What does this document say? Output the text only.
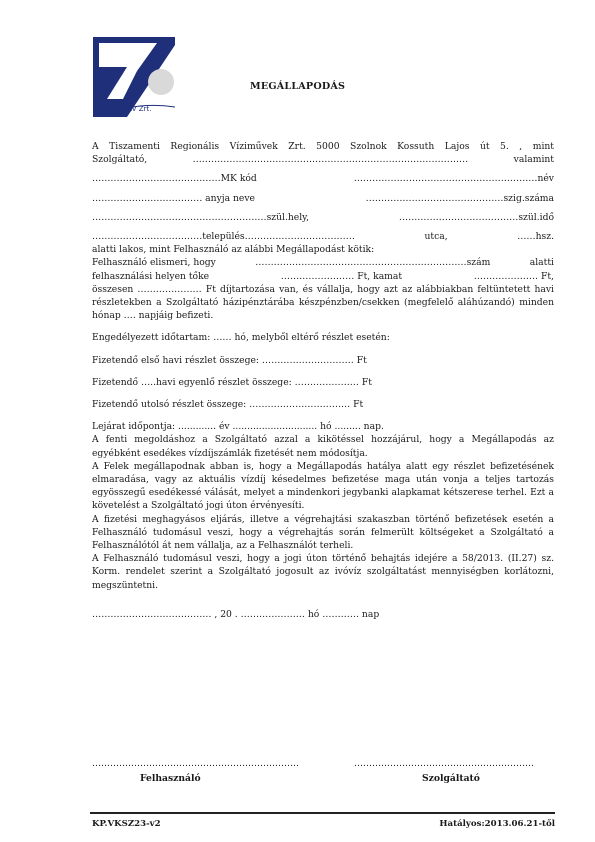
TRV Zrt.
MEGÁLLAPODÁS
A Tiszamenti Regionális Víziművek Zrt. 5000 Szolnok Kossuth Lajos út 5. , mint
Szolgáltató, ……………………………………………………………………………… valamint
……………………………………MK kód	……………………………………………………név
……………………………… anyja neve	………………………………………szig.száma
…………………………………………………szül.hely,	…………………………………szül.idő
………………………………település……………………………… utca, ……hsz.
alatti lakos, mint Felhasználó az alábbi Megállapodást kötik:
Felhasználó elismeri, hogy	……………………………………………………………szám	alatti
felhasználási helyen tőke	…………………… Ft, kamat	………………… Ft,
összesen ………………… Ft díjtartozása van, és vállalja, hogy azt az alábbiakban feltüntetett havi részletekben a Szolgáltató házipénztárába készpénzben/csekken (megfelelő aláhúzandó) minden hónap …. napjáig befizeti.
Engedélyezett időtartam: …… hó, melyből eltérő részlet esetén:
Fizetendő első havi részlet összege: ………………………… Ft
Fizetendő …..havi egyenlő részlet összege: ………………… Ft
Fizetendő utolsó részlet összege: …………………………… Ft
Lejárat időpontja: ............. év ............................. hó ......... nap.
A fenti megoldáshoz a Szolgáltató azzal a kikötéssel hozzájárul, hogy a Megállapodás az egyébként esedékes vízdíjszámlák fizetését nem módosítja.
A Felek megállapodnak abban is, hogy a Megállapodás hatálya alatt egy részlet befizetésének elmaradása, vagy az aktuális vízdíj késedelmes befizetése maga után vonja a teljes tartozás egyösszegű esedékessé válását, melyet a mindenkori jegybanki alapkamat kétszerese terhel. Ezt a követelést a Szolgáltató jogi úton érvényesíti.
A fizetési meghagyásos eljárás, illetve a végrehajtási szakaszban történő befizetések esetén a Felhasználó tudomásul veszi, hogy a végrehajtás során felmerült költségeket a Szolgáltató a Felhasználótól át nem vállalja, az a Felhasználót terheli.
A Felhasználó tudomásul veszi, hogy a jogi úton történő behajtás idejére a 58/2013. (II.27) sz. Korm. rendelet szerint a Szolgáltató jogosult az ivóvíz szolgáltatást mennyiségben korlátozni, megszüntetni.
………………………………… , 20 . ………………… hó ………… nap
……………………………………………………………	……………………………………………………
Felhasználó	Szolgáltató
KP.VKSZ23-v2	Hatályos:2013.06.21-től
